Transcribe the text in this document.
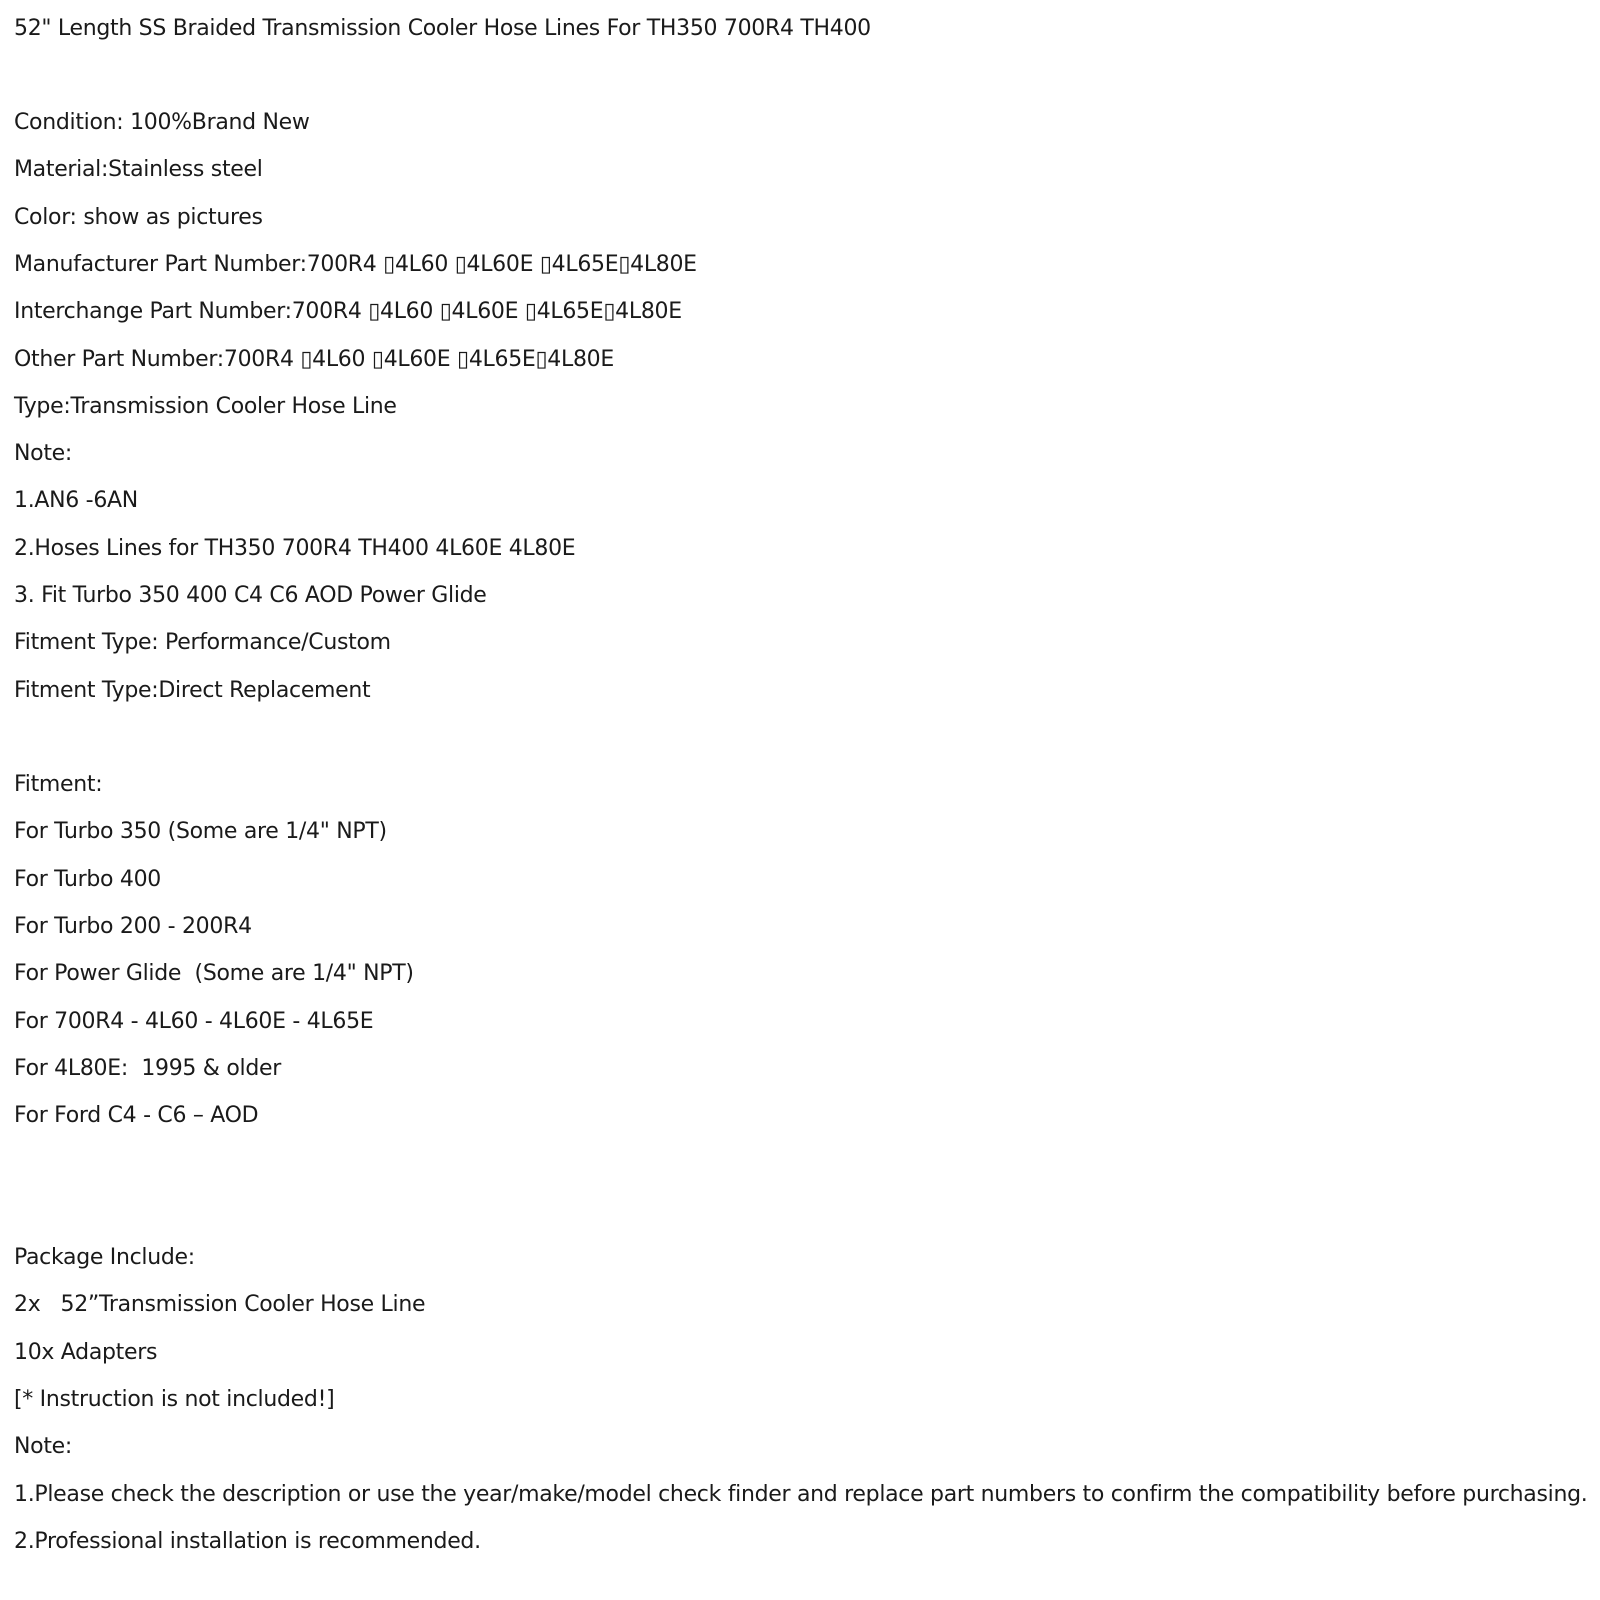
52" Length SS Braided Transmission Cooler Hose Lines For TH350 700R4 TH400
Condition: 100%Brand New
Material:Stainless steel
Color: show as pictures
Manufacturer Part Number:700R4 ▯4L60 ▯4L60E ▯4L65E▯4L80E
Interchange Part Number:700R4 ▯4L60 ▯4L60E ▯4L65E▯4L80E
Other Part Number:700R4 ▯4L60 ▯4L60E ▯4L65E▯4L80E
Type:Transmission Cooler Hose Line
Note:
1.AN6 -6AN
2.Hoses Lines for TH350 700R4 TH400 4L60E 4L80E
3. Fit Turbo 350 400 C4 C6 AOD Power Glide
Fitment Type: Performance/Custom
Fitment Type:Direct Replacement
Fitment:
For Turbo 350 (Some are 1/4" NPT)
For Turbo 400
For Turbo 200 - 200R4
For Power Glide  (Some are 1/4" NPT)
For 700R4 - 4L60 - 4L60E - 4L65E
For 4L80E:  1995 & older
For Ford C4 - C6 – AOD
Package Include:
2x   52”Transmission Cooler Hose Line
10x Adapters
[* Instruction is not included!]
Note:
1.Please check the description or use the year/make/model check finder and replace part numbers to confirm the compatibility before purchasing.
2.Professional installation is recommended.
